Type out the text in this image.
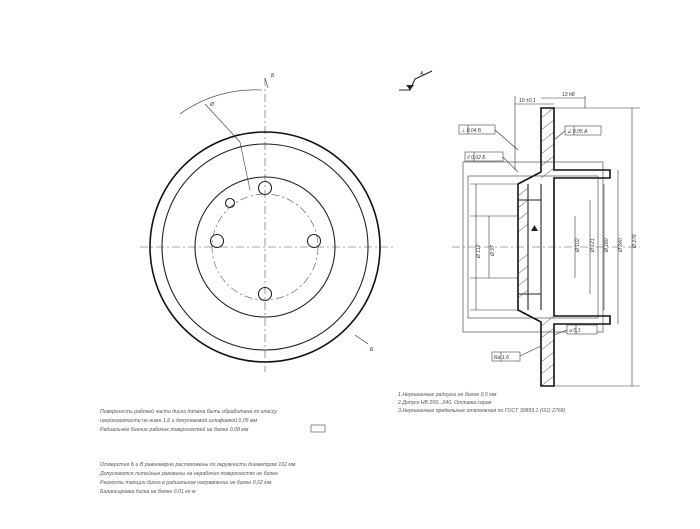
Б
Б
Ø
А
Ø 276
Ø 240
Ø 160
Ø 121
Ø 102
Ø 112 Ø 57
10 ±0,1
13 h8
⊥ 0,04 Б
// 0,02 Б
∠ 0,05 А
⌀ 0,1
Ra 1.6
1.Неуказанные радиусы не более 0,5 мм
2.Допуск НВ 200...240. Отливка серая
3.Неуказанные предельные отклонения по ГОСТ 30893.1 (ISO 2768)
Поверхность рабочей части диска должна быть обработана по классу
шероховатости не ниже 1,6 и допускаемой шлифовкой 0,05 мм
Радиальное биение рабочих поверхностей не более 0,08 мм
Отверстия Б и В равномерно расположены по окружности диаметром 102 мм
Допускаются литейные раковины на нерабочих поверхностях не более
Разность толщин диска в радиальном направлении не более 0,02 мм
Балансировка диска не более 0,01 кг·м
